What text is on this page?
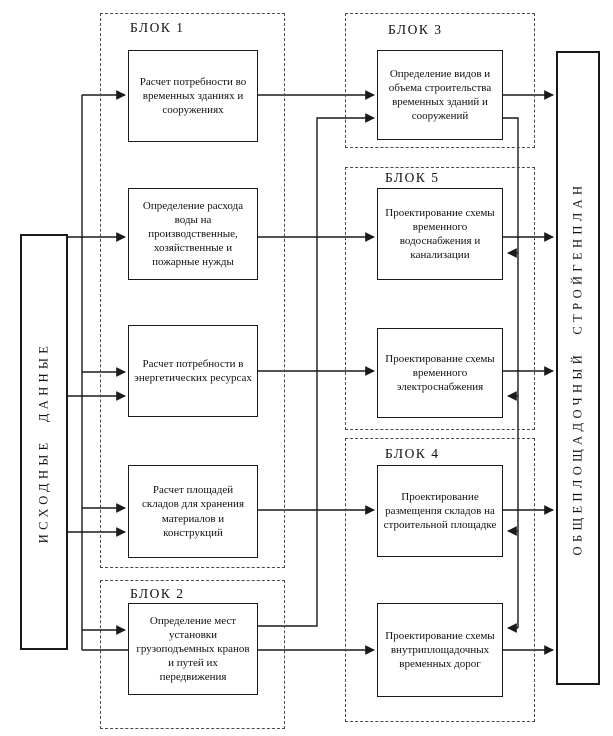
БЛОК 1
БЛОК 2
БЛОК 3
БЛОК 5
БЛОК 4
ИСХОДНЫЕ ДАННЫЕ	ОБЩЕПЛОЩАДОЧНЫЙ СТРОЙГЕНПЛАН
Расчет потребности во временных зданиях и сооружениях
Определение расхода воды на производственные, хозяйственные и пожарные нужды
Расчет потребности в энергетических ресурсах
Расчет площадей складов для хранения материалов и конструкций
Определение мест установки грузоподъемных кранов и путей их передвижения
Определение видов и объема строительства временных зданий и сооружений
Проектирование схемы временного водоснабжения и канализации
Проектирование схемы временного электроснабжения
Проектирование размещенпя складов на строительной площадке
Проектирование схемы внутриплощадочных временных дорог
